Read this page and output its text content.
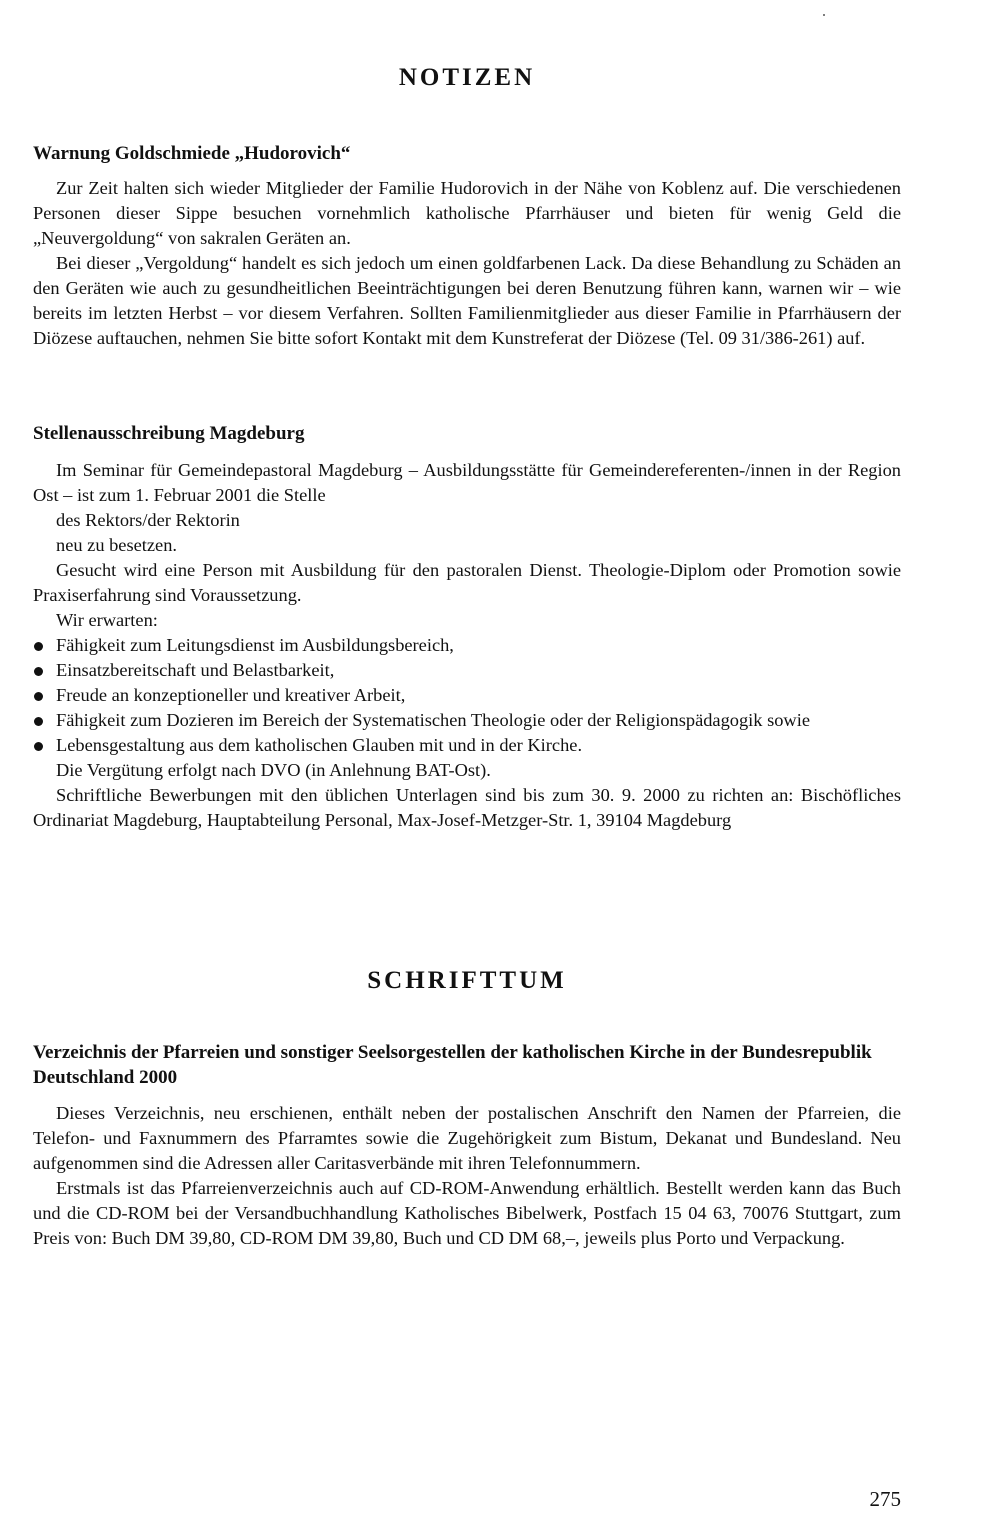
NOTIZEN
Warnung Goldschmiede „Hudorovich“

Zur Zeit halten sich wieder Mitglieder der Familie Hudorovich in der Nähe von Koblenz auf. Die verschiedenen Personen dieser Sippe besuchen vornehmlich katholische Pfarrhäuser und bieten für wenig Geld die „Neuvergoldung“ von sakralen Geräten an.

Bei dieser „Vergoldung“ handelt es sich jedoch um einen goldfarbenen Lack. Da diese Behandlung zu Schäden an den Geräten wie auch zu gesundheitlichen Beeinträchtigungen bei deren Benutzung führen kann, warnen wir – wie bereits im letzten Herbst – vor diesem Verfahren. Sollten Familienmitglieder aus dieser Familie in Pfarrhäusern der Diözese auftauchen, nehmen Sie bitte sofort Kontakt mit dem Kunstreferat der Diözese (Tel. 09 31/386-261) auf.

Stellenausschreibung Magdeburg

Im Seminar für Gemeindepastoral Magdeburg – Ausbildungsstätte für Gemeindereferenten-/innen in der Region Ost – ist zum 1. Februar 2001 die Stelle

des Rektors/der Rektorin

neu zu besetzen.

Gesucht wird eine Person mit Ausbildung für den pastoralen Dienst. Theologie-Diplom oder Promotion sowie Praxiserfahrung sind Voraussetzung.

Wir erwarten:

Fähigkeit zum Leitungsdienst im Ausbildungsbereich,
Einsatzbereitschaft und Belastbarkeit,
Freude an konzeptioneller und kreativer Arbeit,
Fähigkeit zum Dozieren im Bereich der Systematischen Theologie oder der Religionspädagogik sowie
Lebensgestaltung aus dem katholischen Glauben mit und in der Kirche.

Die Vergütung erfolgt nach DVO (in Anlehnung BAT-Ost).

Schriftliche Bewerbungen mit den üblichen Unterlagen sind bis zum 30. 9. 2000 zu richten an: Bischöfliches Ordinariat Magdeburg, Hauptabteilung Personal, Max-Josef-Metzger-Str. 1, 39104 Magdeburg

SCHRIFTTUM
Verzeichnis der Pfarreien und sonstiger Seelsorgestellen der katholischen Kirche in der Bundesrepublik Deutschland 2000

Dieses Verzeichnis, neu erschienen, enthält neben der postalischen Anschrift den Namen der Pfarreien, die Telefon- und Faxnummern des Pfarramtes sowie die Zugehörigkeit zum Bistum, Dekanat und Bundesland. Neu aufgenommen sind die Adressen aller Caritasverbände mit ihren Telefonnummern.

Erstmals ist das Pfarreienverzeichnis auch auf CD-ROM-Anwendung erhältlich. Bestellt werden kann das Buch und die CD-ROM bei der Versandbuchhandlung Katholisches Bibelwerk, Postfach 15 04 63, 70076 Stuttgart, zum Preis von: Buch DM 39,80, CD-ROM DM 39,80, Buch und CD DM 68,–, jeweils plus Porto und Verpackung.

275
